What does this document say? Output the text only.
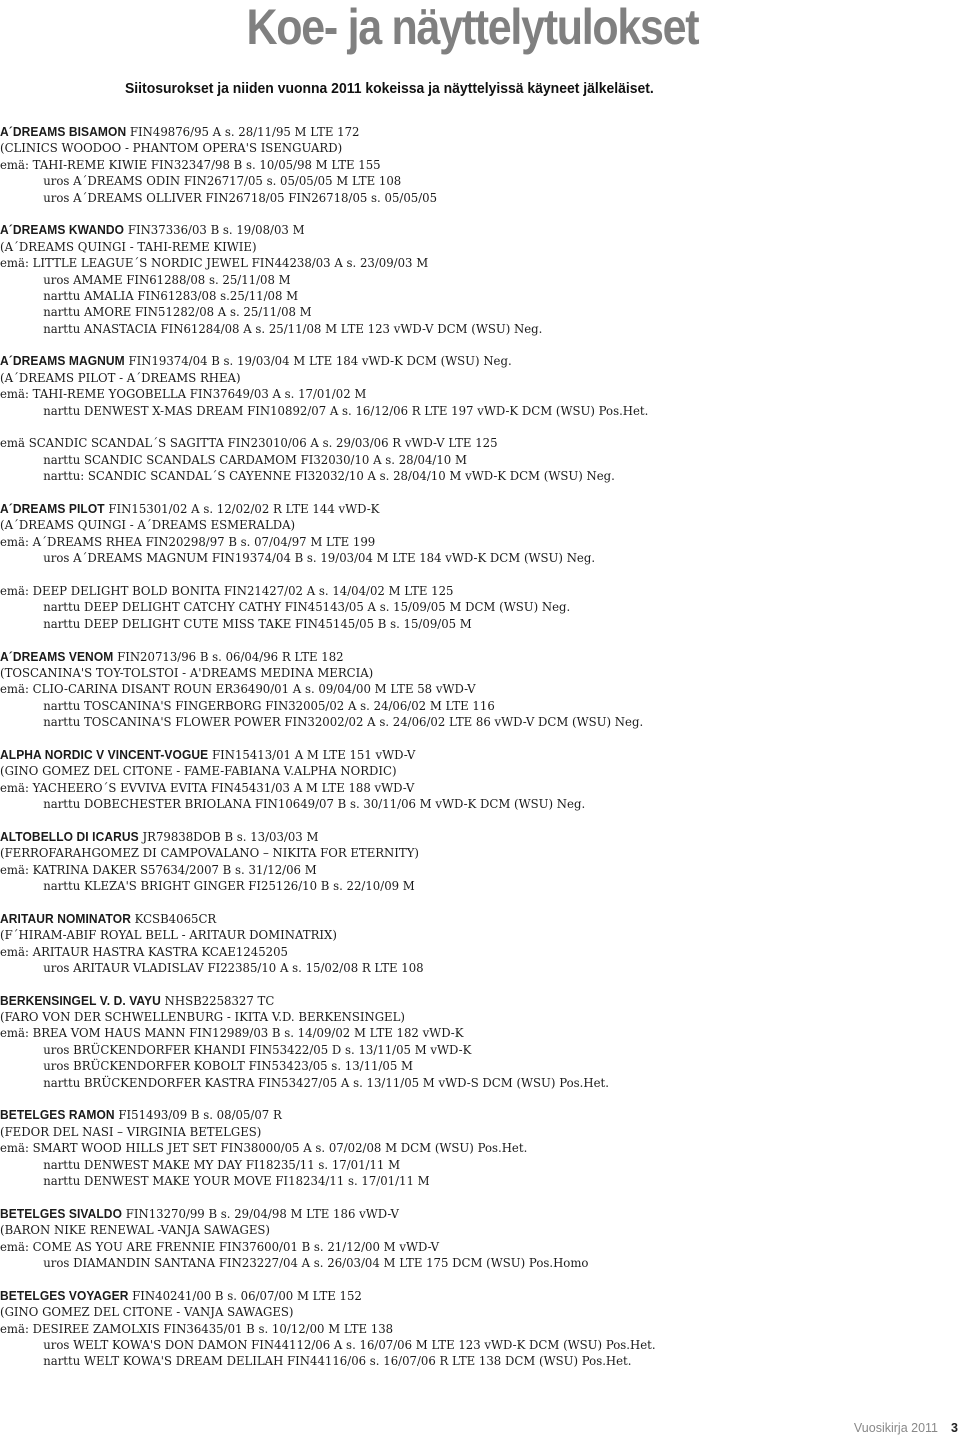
Koe- ja näyttelytulokset
Siitosurokset ja niiden vuonna 2011 kokeissa ja näyttelyissä käyneet jälkeläiset.
A´DREAMS BISAMON FIN49876/95 A s. 28/11/95 M LTE 172
(CLINICS WOODOO - PHANTOM OPERA'S ISENGUARD)
emä: TAHI-REME KIWIE FIN32347/98 B s. 10/05/98 M LTE 155
uros A´DREAMS ODIN FIN26717/05 s. 05/05/05 M LTE 108
uros A´DREAMS OLLIVER FIN26718/05 FIN26718/05 s. 05/05/05
A´DREAMS KWANDO FIN37336/03 B s. 19/08/03 M
(A´DREAMS QUINGI - TAHI-REME KIWIE)
emä: LITTLE LEAGUE´S NORDIC JEWEL FIN44238/03 A s. 23/09/03 M
uros AMAME FIN61288/08 s. 25/11/08 M
narttu AMALIA FIN61283/08 s.25/11/08 M
narttu AMORE FIN51282/08 A s. 25/11/08 M
narttu ANASTACIA FIN61284/08 A s. 25/11/08 M LTE 123 vWD-V DCM (WSU) Neg.
A´DREAMS MAGNUM FIN19374/04 B s. 19/03/04 M LTE 184 vWD-K DCM (WSU) Neg.
(A´DREAMS PILOT - A´DREAMS RHEA)
emä: TAHI-REME YOGOBELLA FIN37649/03 A s. 17/01/02 M
narttu DENWEST X-MAS DREAM FIN10892/07 A s. 16/12/06 R LTE 197 vWD-K DCM (WSU) Pos.Het.
emä SCANDIC SCANDAL´S SAGITTA FIN23010/06 A s. 29/03/06 R vWD-V LTE 125
narttu SCANDIC SCANDALS CARDAMOM FI32030/10 A s. 28/04/10 M
narttu: SCANDIC SCANDAL´S CAYENNE FI32032/10 A s. 28/04/10 M vWD-K DCM (WSU) Neg.
A´DREAMS PILOT FIN15301/02 A s. 12/02/02 R LTE 144 vWD-K
(A´DREAMS QUINGI - A´DREAMS ESMERALDA)
emä: A´DREAMS RHEA FIN20298/97 B s. 07/04/97 M LTE 199
uros A´DREAMS MAGNUM FIN19374/04 B s. 19/03/04 M LTE 184 vWD-K DCM (WSU) Neg.
emä: DEEP DELIGHT BOLD BONITA FIN21427/02 A s. 14/04/02 M LTE 125
narttu DEEP DELIGHT CATCHY CATHY FIN45143/05 A s. 15/09/05 M DCM (WSU) Neg.
narttu DEEP DELIGHT CUTE MISS TAKE FIN45145/05 B s. 15/09/05 M
A´DREAMS VENOM FIN20713/96 B s. 06/04/96 R LTE 182
(TOSCANINA'S TOY-TOLSTOI - A'DREAMS MEDINA MERCIA)
emä: CLIO-CARINA DISANT ROUN ER36490/01 A s. 09/04/00 M LTE 58 vWD-V
narttu TOSCANINA'S FINGERBORG FIN32005/02 A s. 24/06/02 M LTE 116
narttu TOSCANINA'S FLOWER POWER FIN32002/02 A s. 24/06/02 LTE 86 vWD-V DCM (WSU) Neg.
ALPHA NORDIC V VINCENT-VOGUE FIN15413/01 A M LTE 151 vWD-V
(GINO GOMEZ DEL CITONE - FAME-FABIANA V.ALPHA NORDIC)
emä: YACHEERO´S EVVIVA EVITA FIN45431/03 A M LTE 188 vWD-V
narttu DOBECHESTER BRIOLANA FIN10649/07 B s. 30/11/06 M vWD-K DCM (WSU) Neg.
ALTOBELLO DI ICARUS JR79838DOB B s. 13/03/03 M
(FERROFARAHGOMEZ DI CAMPOVALANO – NIKITA FOR ETERNITY)
emä: KATRINA DAKER S57634/2007 B s. 31/12/06 M
narttu KLEZA'S BRIGHT GINGER FI25126/10 B s. 22/10/09 M
ARITAUR NOMINATOR KCSB4065CR
(F´HIRAM-ABIF ROYAL BELL - ARITAUR DOMINATRIX)
emä: ARITAUR HASTRA KASTRA KCAE1245205
uros ARITAUR VLADISLAV FI22385/10 A s. 15/02/08 R LTE 108
BERKENSINGEL V. D. VAYU NHSB2258327 TC
(FARO VON DER SCHWELLENBURG - IKITA V.D. BERKENSINGEL)
emä: BREA VOM HAUS MANN FIN12989/03 B s. 14/09/02 M LTE 182 vWD-K
uros BRÜCKENDORFER KHANDI FIN53422/05 D s. 13/11/05 M vWD-K
uros BRÜCKENDORFER KOBOLT FIN53423/05 s. 13/11/05 M
narttu BRÜCKENDORFER KASTRA FIN53427/05 A s. 13/11/05 M vWD-S DCM (WSU) Pos.Het.
BETELGES RAMON FI51493/09 B s. 08/05/07 R
(FEDOR DEL NASI – VIRGINIA BETELGES)
emä: SMART WOOD HILLS JET SET FIN38000/05 A s. 07/02/08 M DCM (WSU) Pos.Het.
narttu DENWEST MAKE MY DAY FI18235/11 s. 17/01/11 M
narttu DENWEST MAKE YOUR MOVE FI18234/11 s. 17/01/11 M
BETELGES SIVALDO FIN13270/99 B s. 29/04/98 M LTE 186 vWD-V
(BARON NIKE RENEWAL -VANJA SAWAGES)
emä: COME AS YOU ARE FRENNIE FIN37600/01 B s. 21/12/00 M vWD-V
uros DIAMANDIN SANTANA FIN23227/04 A s. 26/03/04 M LTE 175 DCM (WSU) Pos.Homo
BETELGES VOYAGER FIN40241/00 B s. 06/07/00 M LTE 152
(GINO GOMEZ DEL CITONE - VANJA SAWAGES)
emä: DESIREE ZAMOLXIS FIN36435/01 B s. 10/12/00 M LTE 138
uros WELT KOWA'S DON DAMON FIN44112/06 A s. 16/07/06 M LTE 123 vWD-K DCM (WSU) Pos.Het.
narttu WELT KOWA'S DREAM DELILAH FIN44116/06 s. 16/07/06 R LTE 138 DCM (WSU) Pos.Het.
Vuosikirja 2011 3
